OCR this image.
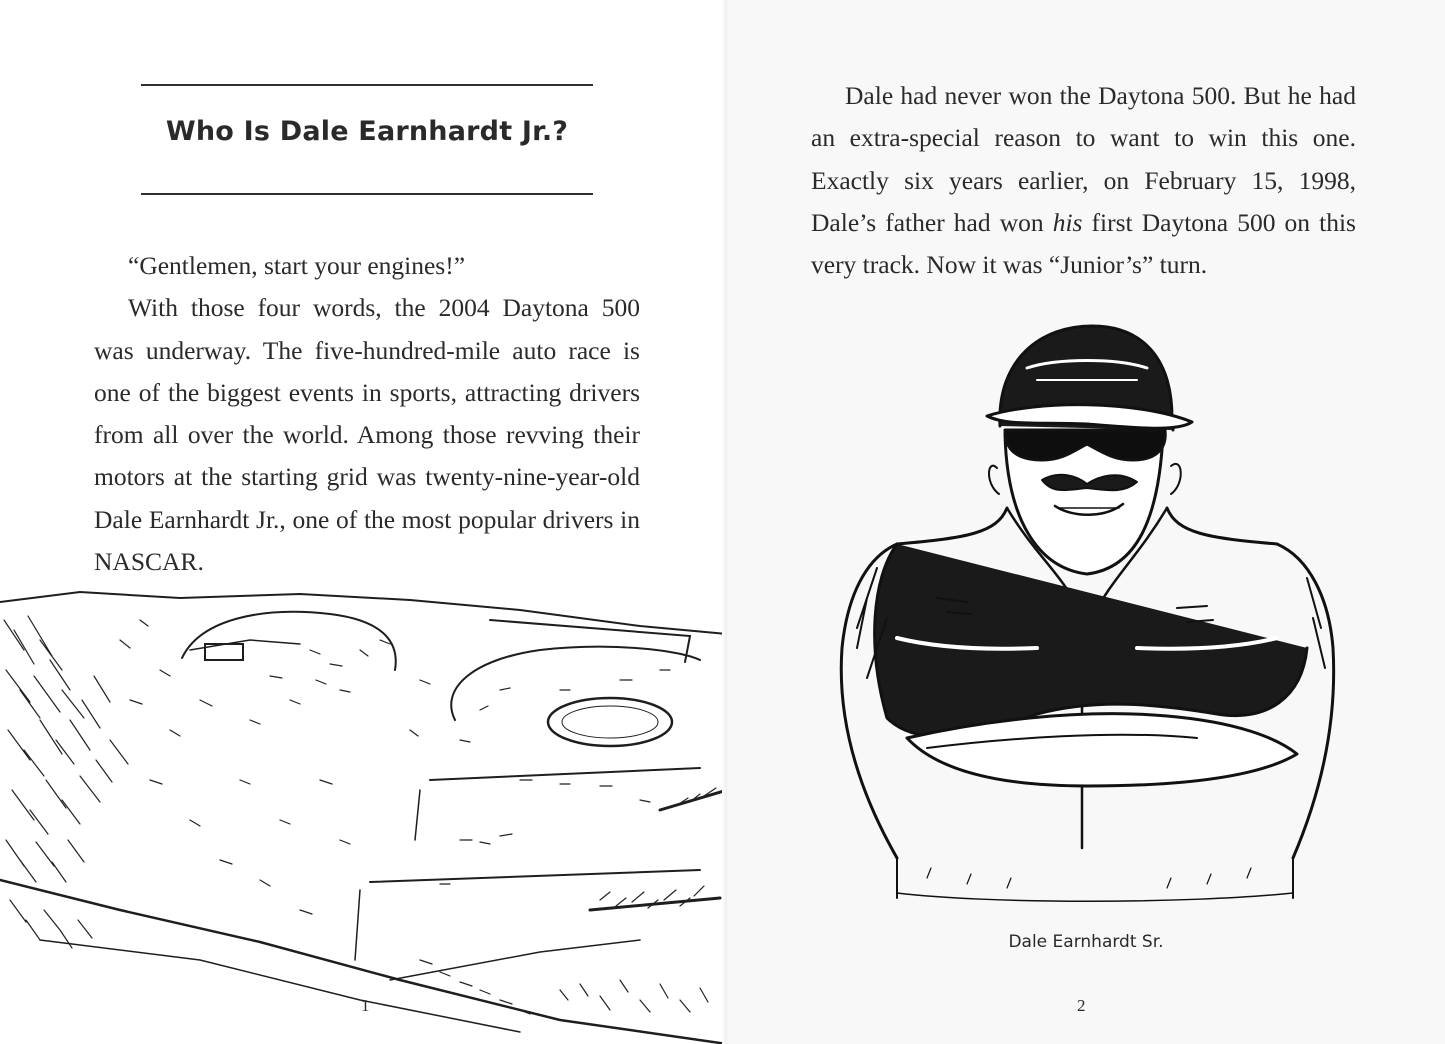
Who Is Dale Earnhardt Jr.?

“Gentlemen, start your engines!”

With those four words, the 2004 Daytona 500 was underway. The five-hundred-mile auto race is one of the biggest events in sports, attracting drivers from all over the world. Among those revving their motors at the starting grid was twenty-nine-year-old Dale Earnhardt Jr., one of the most popular drivers in NASCAR.

1

Dale had never won the Daytona 500. But he had an extra-special reason to want to win this one. Exactly six years earlier, on February 15, 1998, Dale’s father had won his first Daytona 500 on this very track. Now it was “Junior’s” turn.

Dale Earnhardt Sr.
2
